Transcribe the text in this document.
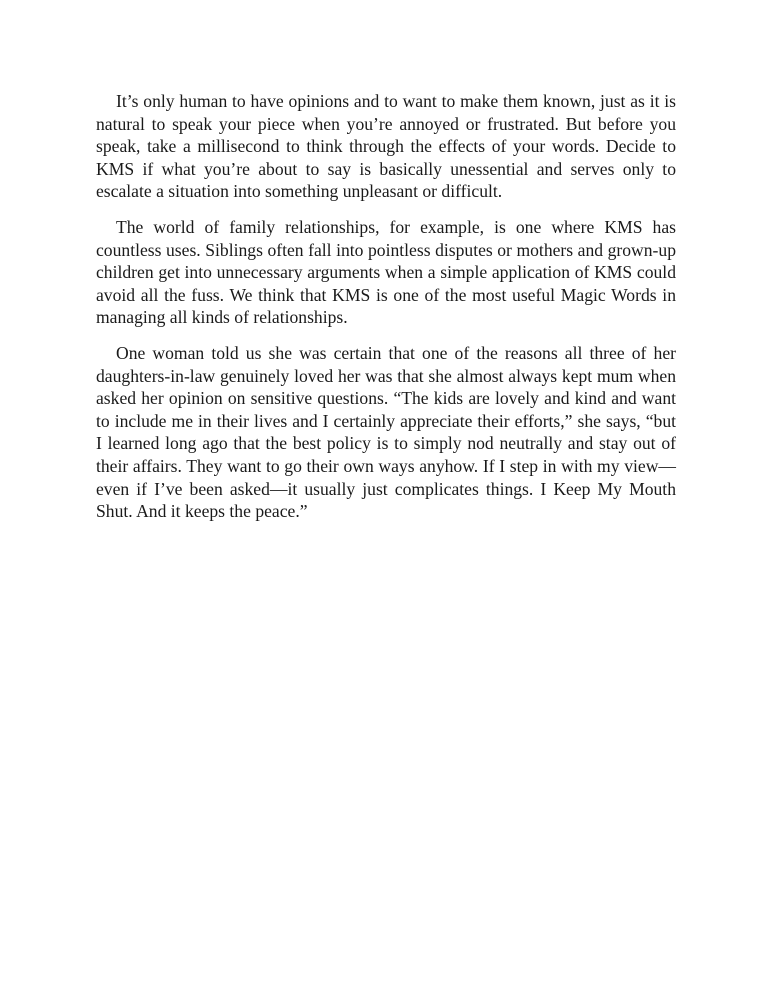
It’s only human to have opinions and to want to make them known, just as it is natural to speak your piece when you’re annoyed or frustrated. But before you speak, take a millisecond to think through the effects of your words. Decide to KMS if what you’re about to say is basically unessential and serves only to escalate a situation into something unpleasant or difficult.

The world of family relationships, for example, is one where KMS has countless uses. Siblings often fall into pointless disputes or mothers and grown-up children get into unnecessary arguments when a simple application of KMS could avoid all the fuss. We think that KMS is one of the most useful Magic Words in managing all kinds of relationships.

One woman told us she was certain that one of the reasons all three of her daughters-in-law genuinely loved her was that she almost always kept mum when asked her opinion on sensitive questions. “The kids are lovely and kind and want to include me in their lives and I certainly appreciate their efforts,” she says, “but I learned long ago that the best policy is to simply nod neutrally and stay out of their affairs. They want to go their own ways anyhow. If I step in with my view—even if I’ve been asked—it usually just complicates things. I Keep My Mouth Shut. And it keeps the peace.”
